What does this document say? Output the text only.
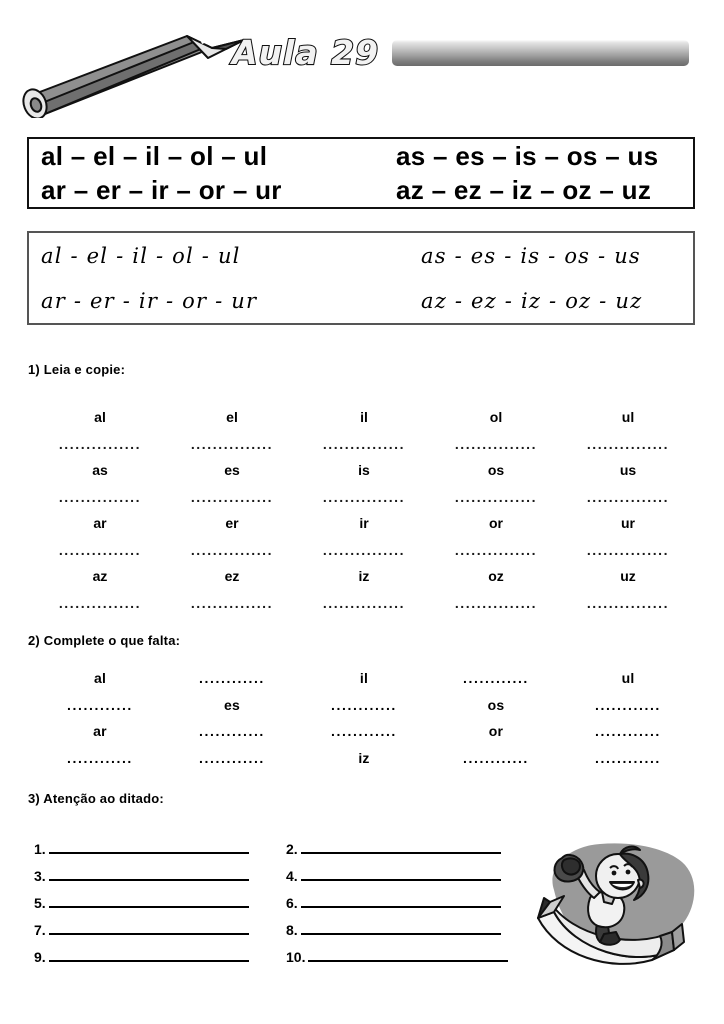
Aula 29
al – el – il – ol – ul	as – es – is – os – us
ar – er – ir – or – ur	az – ez – iz – oz – uz
al - el - il - ol - ul	as - es - is - os - us
ar - er - ir - or - ur	az - ez - iz - oz - uz
1) Leia e copie:
al	el	il	ol	ul
...............	...............	...............	...............	...............
as	es	is	os	us
...............	...............	...............	...............	...............
ar	er	ir	or	ur
...............	...............	...............	...............	...............
az	ez	iz	oz	uz
...............	...............	...............	...............	...............
2) Complete o que falta:
al	............	il	............	ul
............	es	............	os	............
ar	............	............	or	............
............	............	iz	............	............
3) Atenção ao ditado:
1.	2.
3.	4.
5.	6.
7.	8.
9.	10.
